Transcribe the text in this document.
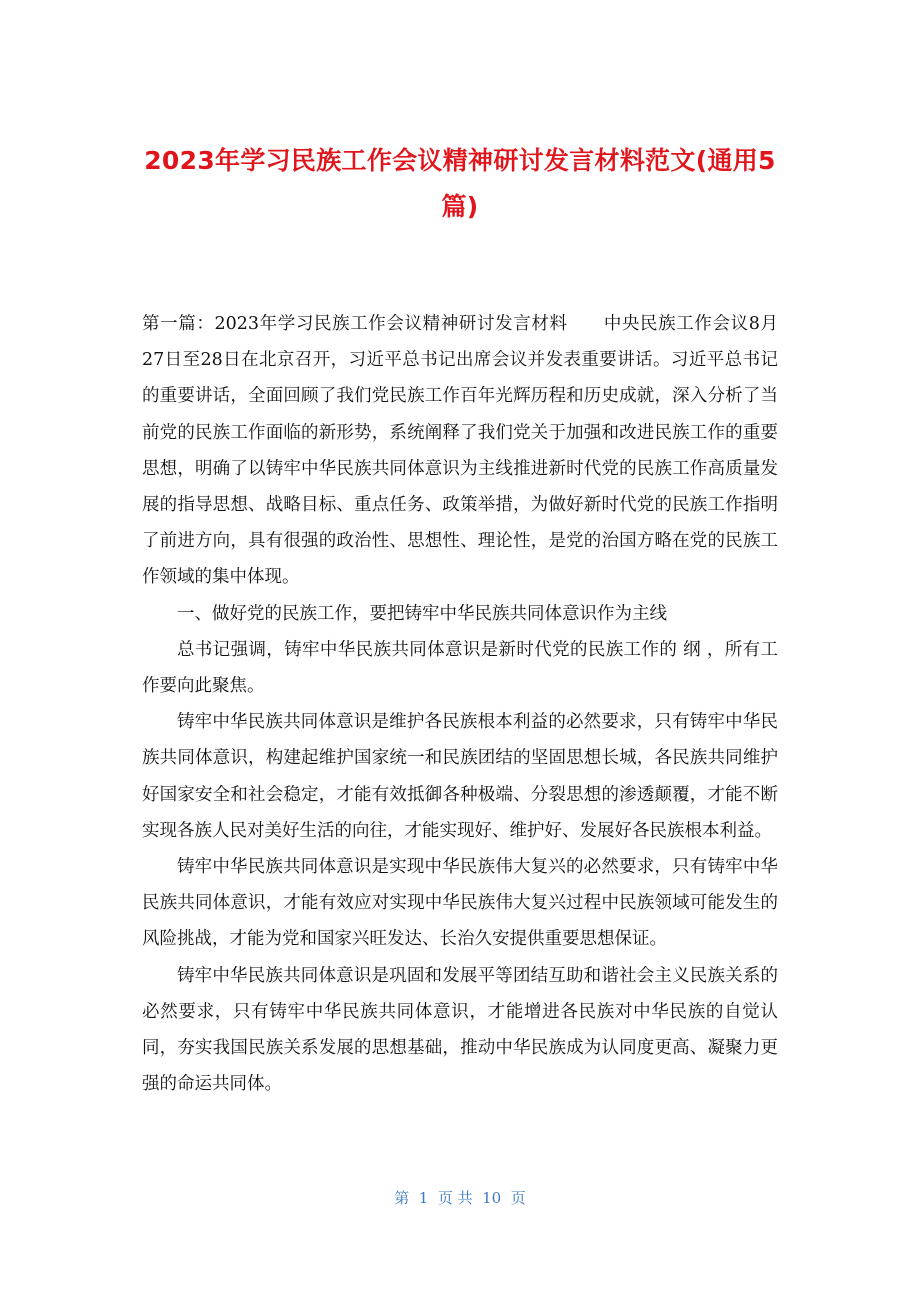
2023年学习民族工作会议精神研讨发言材料范文(通用5篇)

第一篇：2023年学习民族工作会议精神研讨发言材料　　中央民族工作会议8月27日至28日在北京召开，习近平总书记出席会议并发表重要讲话。习近平总书记的重要讲话，全面回顾了我们党民族工作百年光辉历程和历史成就，深入分析了当前党的民族工作面临的新形势，系统阐释了我们党关于加强和改进民族工作的重要思想，明确了以铸牢中华民族共同体意识为主线推进新时代党的民族工作高质量发展的指导思想、战略目标、重点任务、政策举措，为做好新时代党的民族工作指明了前进方向，具有很强的政治性、思想性、理论性，是党的治国方略在党的民族工作领域的集中体现。

一、做好党的民族工作，要把铸牢中华民族共同体意识作为主线

总书记强调，铸牢中华民族共同体意识是新时代党的民族工作的 纲 ，所有工作要向此聚焦。

铸牢中华民族共同体意识是维护各民族根本利益的必然要求，只有铸牢中华民族共同体意识，构建起维护国家统一和民族团结的坚固思想长城，各民族共同维护好国家安全和社会稳定，才能有效抵御各种极端、分裂思想的渗透颠覆，才能不断实现各族人民对美好生活的向往，才能实现好、维护好、发展好各民族根本利益。

铸牢中华民族共同体意识是实现中华民族伟大复兴的必然要求，只有铸牢中华民族共同体意识，才能有效应对实现中华民族伟大复兴过程中民族领域可能发生的风险挑战，才能为党和国家兴旺发达、长治久安提供重要思想保证。

铸牢中华民族共同体意识是巩固和发展平等团结互助和谐社会主义民族关系的必然要求，只有铸牢中华民族共同体意识，才能增进各民族对中华民族的自觉认同，夯实我国民族关系发展的思想基础，推动中华民族成为认同度更高、凝聚力更强的命运共同体。

第  1  页 共  10  页
